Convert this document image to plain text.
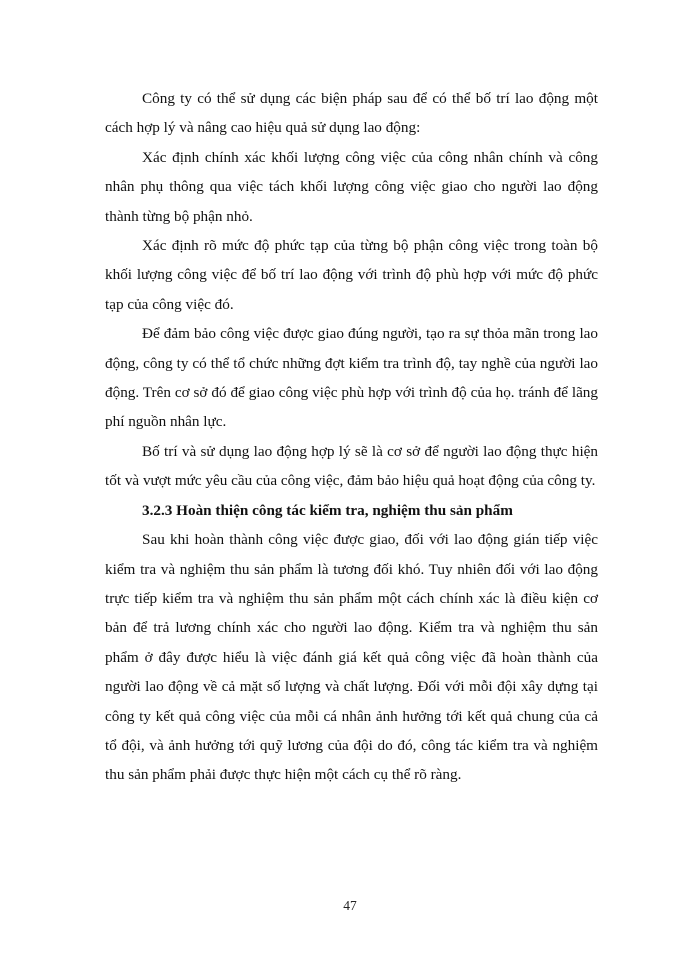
Công ty có thể sử dụng các biện pháp sau để có thể bố trí lao động một cách hợp lý và nâng cao hiệu quả sử dụng lao động:

Xác định chính xác khối lượng công việc của công nhân chính và công nhân phụ thông qua việc tách khối lượng công việc giao cho người lao động thành từng bộ phận nhỏ.

Xác định rõ mức độ phức tạp của từng bộ phận công việc trong toàn bộ khối lượng công việc để bố trí lao động với trình độ phù hợp với mức độ phức tạp của công việc đó.

Để đảm bảo công việc được giao đúng người, tạo ra sự thỏa mãn trong lao động, công ty có thể tổ chức những đợt kiểm tra trình độ, tay nghề của người lao động. Trên cơ sở đó để giao công việc phù hợp với trình độ của họ. tránh để lãng phí nguồn nhân lực.

Bố trí và sử dụng lao động hợp lý sẽ là cơ sở để người lao động thực hiện tốt và vượt mức yêu cầu của công việc, đảm bảo hiệu quả hoạt động của công ty.

3.2.3 Hoàn thiện công tác kiểm tra, nghiệm thu sản phẩm

Sau khi hoàn thành công việc được giao, đối với lao động gián tiếp việc kiểm tra và nghiệm thu sản phẩm là tương đối khó. Tuy nhiên đối với lao động trực tiếp kiểm tra và nghiệm thu sản phẩm một cách chính xác là điều kiện cơ bản để trả lương chính xác cho người lao động. Kiểm tra và nghiệm thu sản phẩm ở đây được hiểu là việc đánh giá kết quả công việc đã hoàn thành của người lao động về cả mặt số lượng và chất lượng. Đối với mỗi đội xây dựng tại công ty kết quả công việc của mỗi cá nhân ảnh hưởng tới kết quả chung của cả tổ đội, và ảnh hưởng tới quỹ lương của đội do đó, công tác kiểm tra và nghiệm thu sản phẩm phải được thực hiện một cách cụ thể rõ ràng.

47
